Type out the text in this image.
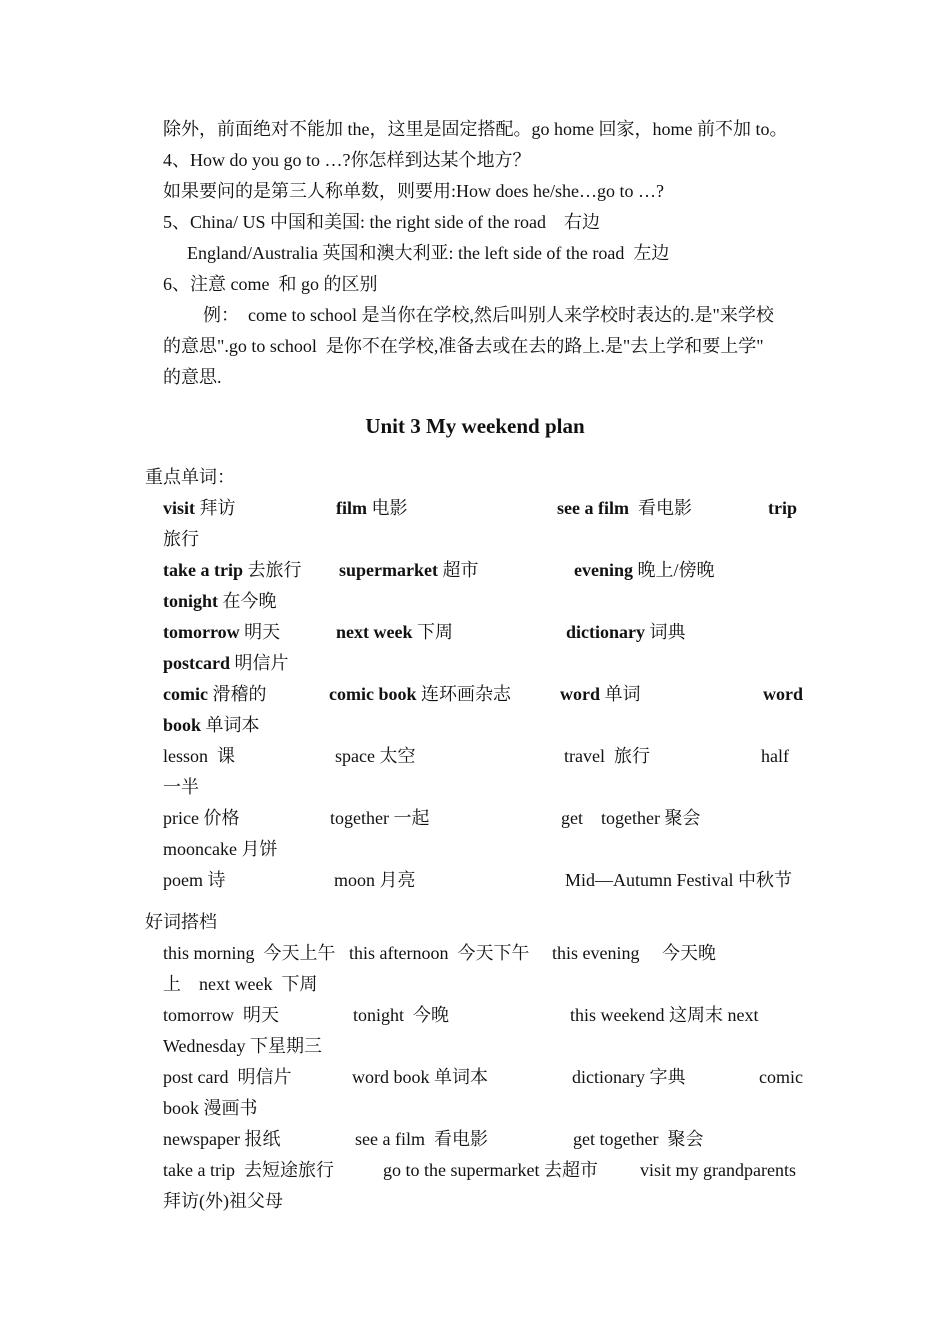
除外，前面绝对不能加 the，这里是固定搭配。go home 回家，home 前不加 to。
4、How do you go to …?你怎样到达某个地方？
如果要问的是第三人称单数，则要用:How does he/she…go to …?
5、China/ US 中国和美国: the right side of the road    右边
England/Australia 英国和澳大利亚: the left side of the road  左边
6、注意 come  和 go 的区别
例：  come to school 是当你在学校,然后叫别人来学校时表达的.是"来学校
的意思".go to school  是你不在学校,准备去或在去的路上.是"去上学和要上学"
的意思.
Unit 3 My weekend plan
重点单词：
visit 拜访	film 电影	see a film  看电影	trip
旅行
take a trip 去旅行 supermarket 超市	evening 晚上/傍晚
tonight 在今晚
tomorrow 明天	next week 下周	dictionary 词典
postcard 明信片
comic 滑稽的	comic book 连环画杂志	word 单词	word
book 单词本
lesson  课	space 太空	travel  旅行	half
一半
price 价格	together 一起	get    together 聚会
mooncake 月饼
poem 诗	moon 月亮	Mid—Autumn Festival 中秋节
好词搭档
this morning  今天上午   this afternoon  今天下午     this evening     今天晚
上    next week  下周
tomorrow  明天	tonight  今晚	this weekend 这周末 next
Wednesday 下星期三
post card  明信片	word book 单词本	dictionary 字典	comic
book 漫画书
newspaper 报纸	see a film  看电影	get together  聚会
take a trip  去短途旅行	go to the supermarket 去超市 visit my grandparents
拜访(外)祖父母
